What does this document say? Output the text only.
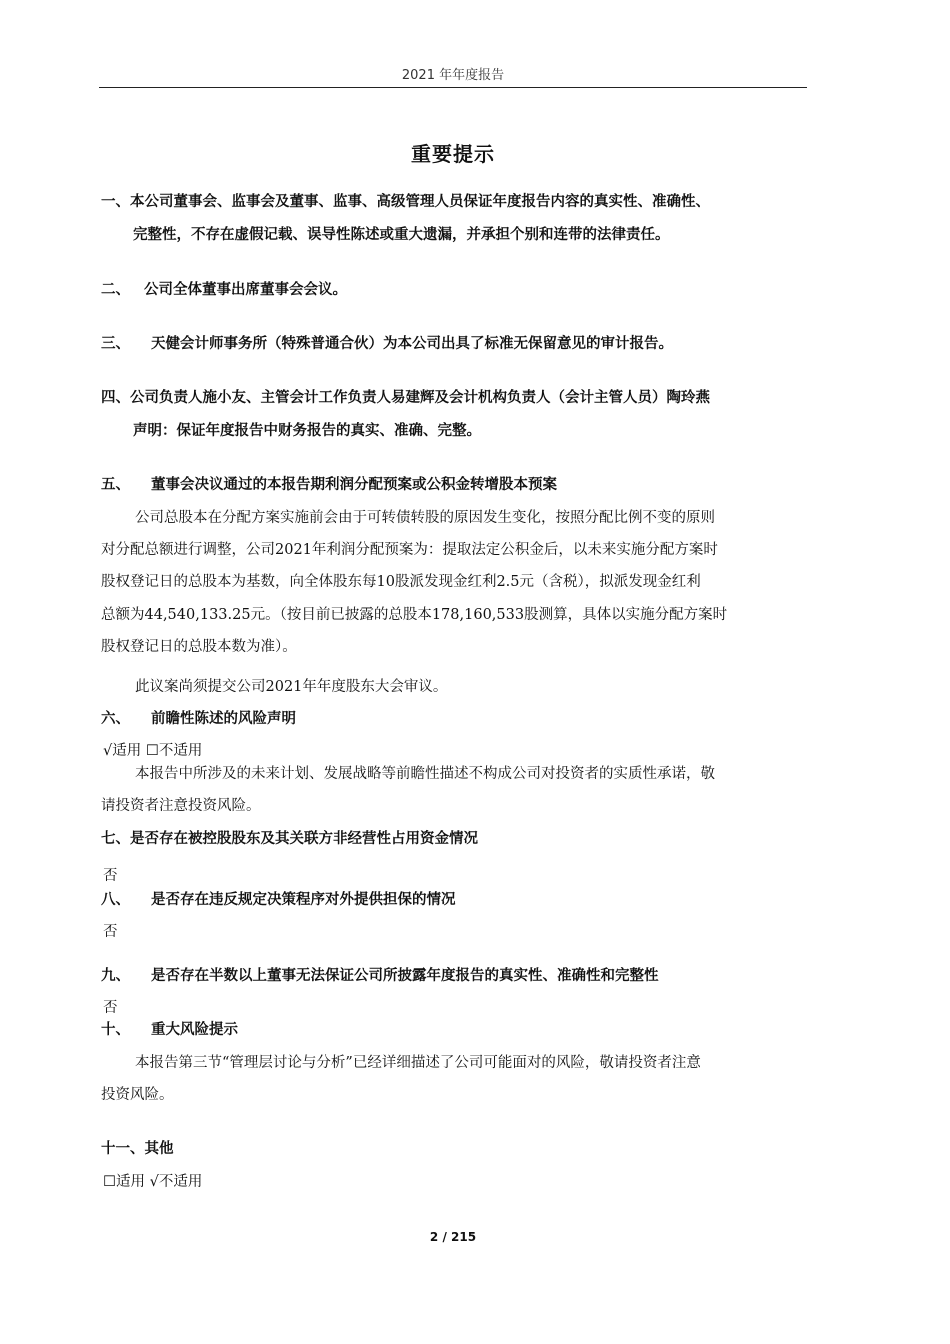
2021 年年度报告
重要提示
一、本公司董事会、监事会及董事、监事、高级管理人员保证年度报告内容的真实性、准确性、
完整性，不存在虚假记载、误导性陈述或重大遗漏，并承担个别和连带的法律责任。
二、 公司全体董事出席董事会会议。
三、 天健会计师事务所（特殊普通合伙）为本公司出具了标准无保留意见的审计报告。
四、公司负责人施小友、主管会计工作负责人易建辉及会计机构负责人（会计主管人员）陶玲燕
声明：保证年度报告中财务报告的真实、准确、完整。
五、 董事会决议通过的本报告期利润分配预案或公积金转增股本预案
公司总股本在分配方案实施前会由于可转债转股的原因发生变化，按照分配比例不变的原则
对分配总额进行调整，公司2021年利润分配预案为：提取法定公积金后，以未来实施分配方案时
股权登记日的总股本为基数，向全体股东每10股派发现金红利2.5元（含税），拟派发现金红利
总额为44,540,133.25元。（按目前已披露的总股本178,160,533股测算，具体以实施分配方案时
股权登记日的总股本数为准）。
此议案尚须提交公司2021年年度股东大会审议。
六、 前瞻性陈述的风险声明
√适用 ☐不适用
本报告中所涉及的未来计划、发展战略等前瞻性描述不构成公司对投资者的实质性承诺，敬
请投资者注意投资风险。
七、是否存在被控股股东及其关联方非经营性占用资金情况
否
八、 是否存在违反规定决策程序对外提供担保的情况
否
九、 是否存在半数以上董事无法保证公司所披露年度报告的真实性、准确性和完整性
否
十、 重大风险提示
本报告第三节“管理层讨论与分析”已经详细描述了公司可能面对的风险，敬请投资者注意
投资风险。
十一、其他
☐适用 √不适用
2 / 215
